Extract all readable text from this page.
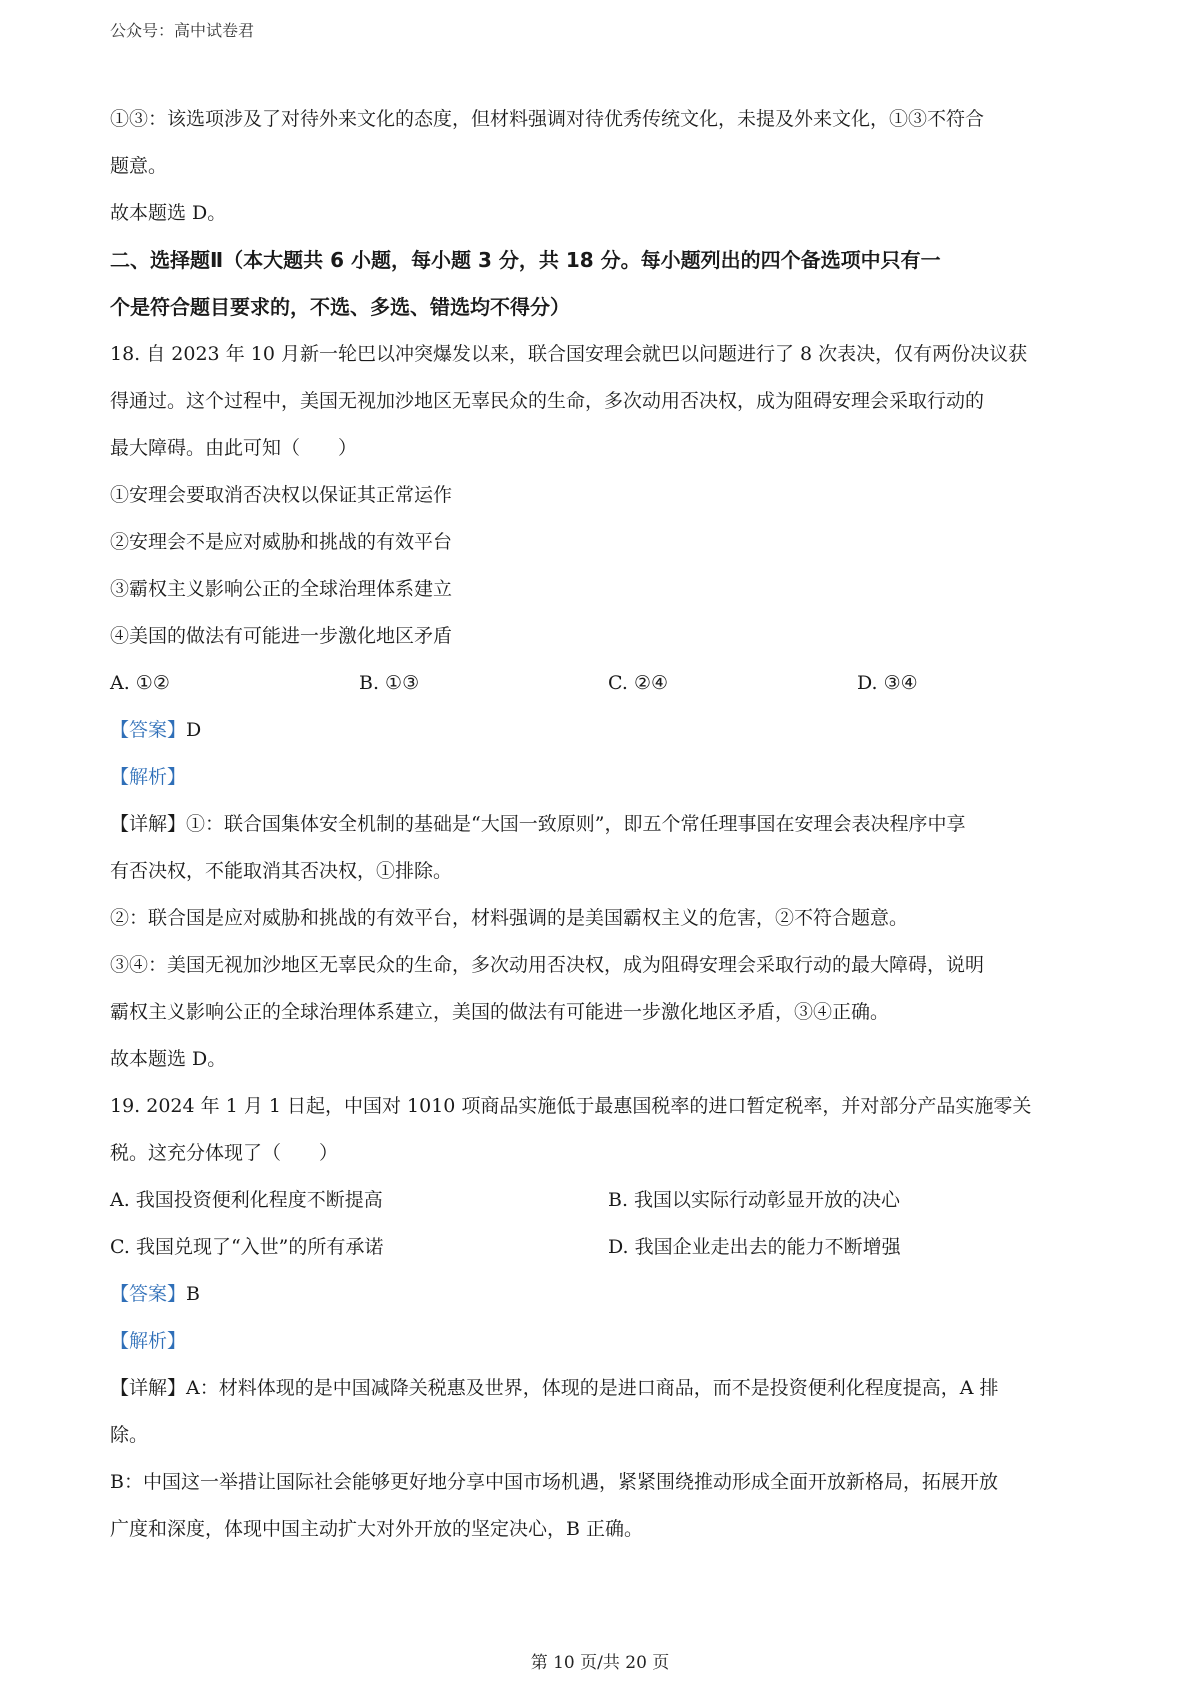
公众号：高中试卷君

①③：该选项涉及了对待外来文化的态度，但材料强调对待优秀传统文化，未提及外来文化，①③不符合

题意。

故本题选 D。

二、选择题Ⅱ（本大题共 6 小题，每小题 3 分，共 18 分。每小题列出的四个备选项中只有一

个是符合题目要求的，不选、多选、错选均不得分）

18. 自 2023 年 10 月新一轮巴以冲突爆发以来，联合国安理会就巴以问题进行了 8 次表决，仅有两份决议获

得通过。这个过程中，美国无视加沙地区无辜民众的生命，多次动用否决权，成为阻碍安理会采取行动的

最大障碍。由此可知（　　）

①安理会要取消否决权以保证其正常运作

②安理会不是应对威胁和挑战的有效平台

③霸权主义影响公正的全球治理体系建立

④美国的做法有可能进一步激化地区矛盾

A. ①②	B. ①③	C. ②④	D. ③④

【答案】D

【解析】

【详解】①：联合国集体安全机制的基础是“大国一致原则”，即五个常任理事国在安理会表决程序中享

有否决权，不能取消其否决权，①排除。

②：联合国是应对威胁和挑战的有效平台，材料强调的是美国霸权主义的危害，②不符合题意。

③④：美国无视加沙地区无辜民众的生命，多次动用否决权，成为阻碍安理会采取行动的最大障碍，说明

霸权主义影响公正的全球治理体系建立，美国的做法有可能进一步激化地区矛盾，③④正确。

故本题选 D。

19. 2024 年 1 月 1 日起，中国对 1010 项商品实施低于最惠国税率的进口暂定税率，并对部分产品实施零关

税。这充分体现了（　　）

A. 我国投资便利化程度不断提高	B. 我国以实际行动彰显开放的决心

C. 我国兑现了“入世”的所有承诺	D. 我国企业走出去的能力不断增强

【答案】B

【解析】

【详解】A：材料体现的是中国减降关税惠及世界，体现的是进口商品，而不是投资便利化程度提高，A 排

除。

B：中国这一举措让国际社会能够更好地分享中国市场机遇，紧紧围绕推动形成全面开放新格局，拓展开放

广度和深度，体现中国主动扩大对外开放的坚定决心，B 正确。

第 10 页/共 20 页
